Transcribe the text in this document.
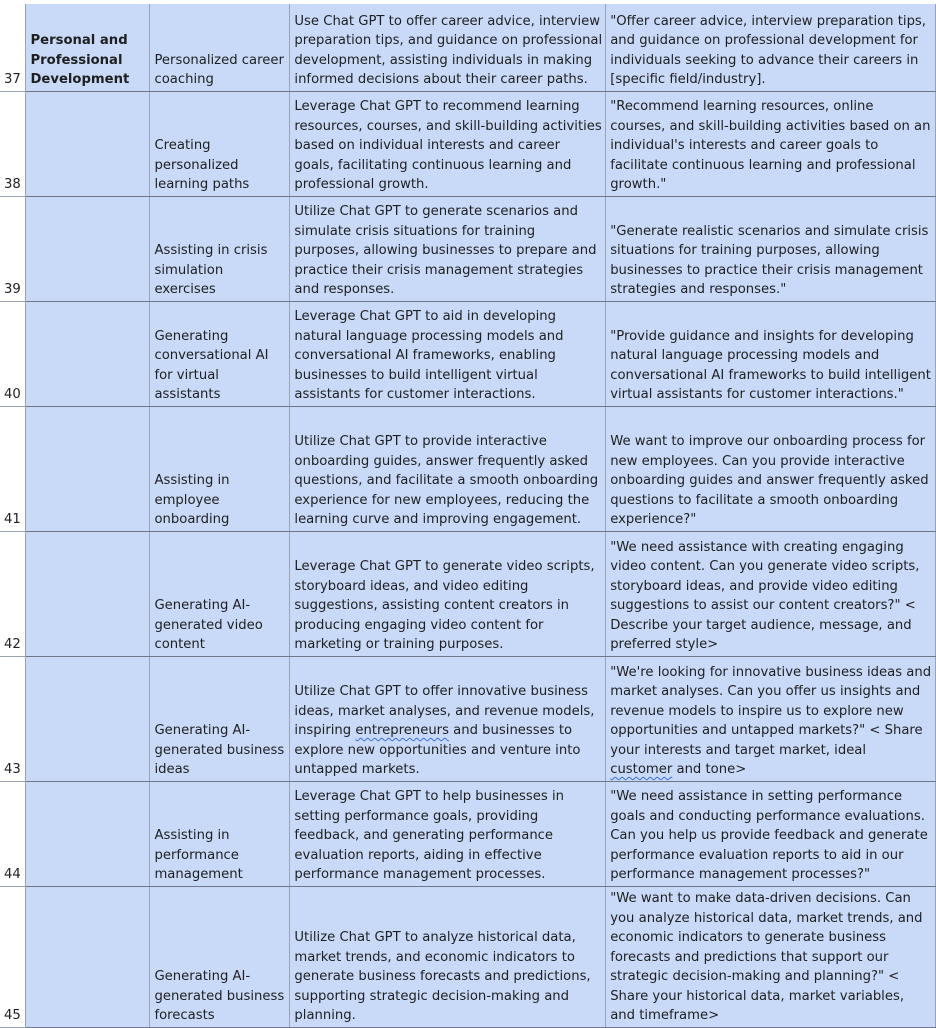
37	Personal and Professional Development	Personalized career coaching	Use Chat GPT to offer career advice, interview preparation tips, and guidance on professional development, assisting individuals in making informed decisions about their career paths.	"Offer career advice, interview preparation tips, and guidance on professional development for individuals seeking to advance their careers in [specific field/industry].
38		Creating personalized learning paths	Leverage Chat GPT to recommend learning resources, courses, and skill-building activities based on individual interests and career goals, facilitating continuous learning and professional growth.	"Recommend learning resources, online courses, and skill-building activities based on an individual's interests and career goals to facilitate continuous learning and professional growth."
39		Assisting in crisis simulation exercises	Utilize Chat GPT to generate scenarios and simulate crisis situations for training purposes, allowing businesses to prepare and practice their crisis management strategies and responses.	"Generate realistic scenarios and simulate crisis situations for training purposes, allowing businesses to practice their crisis management strategies and responses."
40		Generating conversational AI for virtual assistants	Leverage Chat GPT to aid in developing natural language processing models and conversational AI frameworks, enabling businesses to build intelligent virtual assistants for customer interactions.	"Provide guidance and insights for developing natural language processing models and conversational AI frameworks to build intelligent virtual assistants for customer interactions."
41		Assisting in employee onboarding	Utilize Chat GPT to provide interactive onboarding guides, answer frequently asked questions, and facilitate a smooth onboarding experience for new employees, reducing the learning curve and improving engagement.	We want to improve our onboarding process for new employees. Can you provide interactive onboarding guides and answer frequently asked questions to facilitate a smooth onboarding experience?"
42		Generating AI-generated video content	Leverage Chat GPT to generate video scripts, storyboard ideas, and video editing suggestions, assisting content creators in producing engaging video content for marketing or training purposes.	"We need assistance with creating engaging video content. Can you generate video scripts, storyboard ideas, and provide video editing suggestions to assist our content creators?" < Describe your target audience, message, and preferred style>
43		Generating AI-generated business ideas	Utilize Chat GPT to offer innovative business ideas, market analyses, and revenue models, inspiring entrepreneurs and businesses to explore new opportunities and venture into untapped markets.	"We're looking for innovative business ideas and market analyses. Can you offer us insights and revenue models to inspire us to explore new opportunities and untapped markets?" < Share your interests and target market, ideal customer and tone>
44		Assisting in performance management	Leverage Chat GPT to help businesses in setting performance goals, providing feedback, and generating performance evaluation reports, aiding in effective performance management processes.	"We need assistance in setting performance goals and conducting performance evaluations. Can you help us provide feedback and generate performance evaluation reports to aid in our performance management processes?"
45		Generating AI-generated business forecasts	Utilize Chat GPT to analyze historical data, market trends, and economic indicators to generate business forecasts and predictions, supporting strategic decision-making and planning.	"We want to make data-driven decisions. Can you analyze historical data, market trends, and economic indicators to generate business forecasts and predictions that support our strategic decision-making and planning?" < Share your historical data, market variables, and timeframe>
